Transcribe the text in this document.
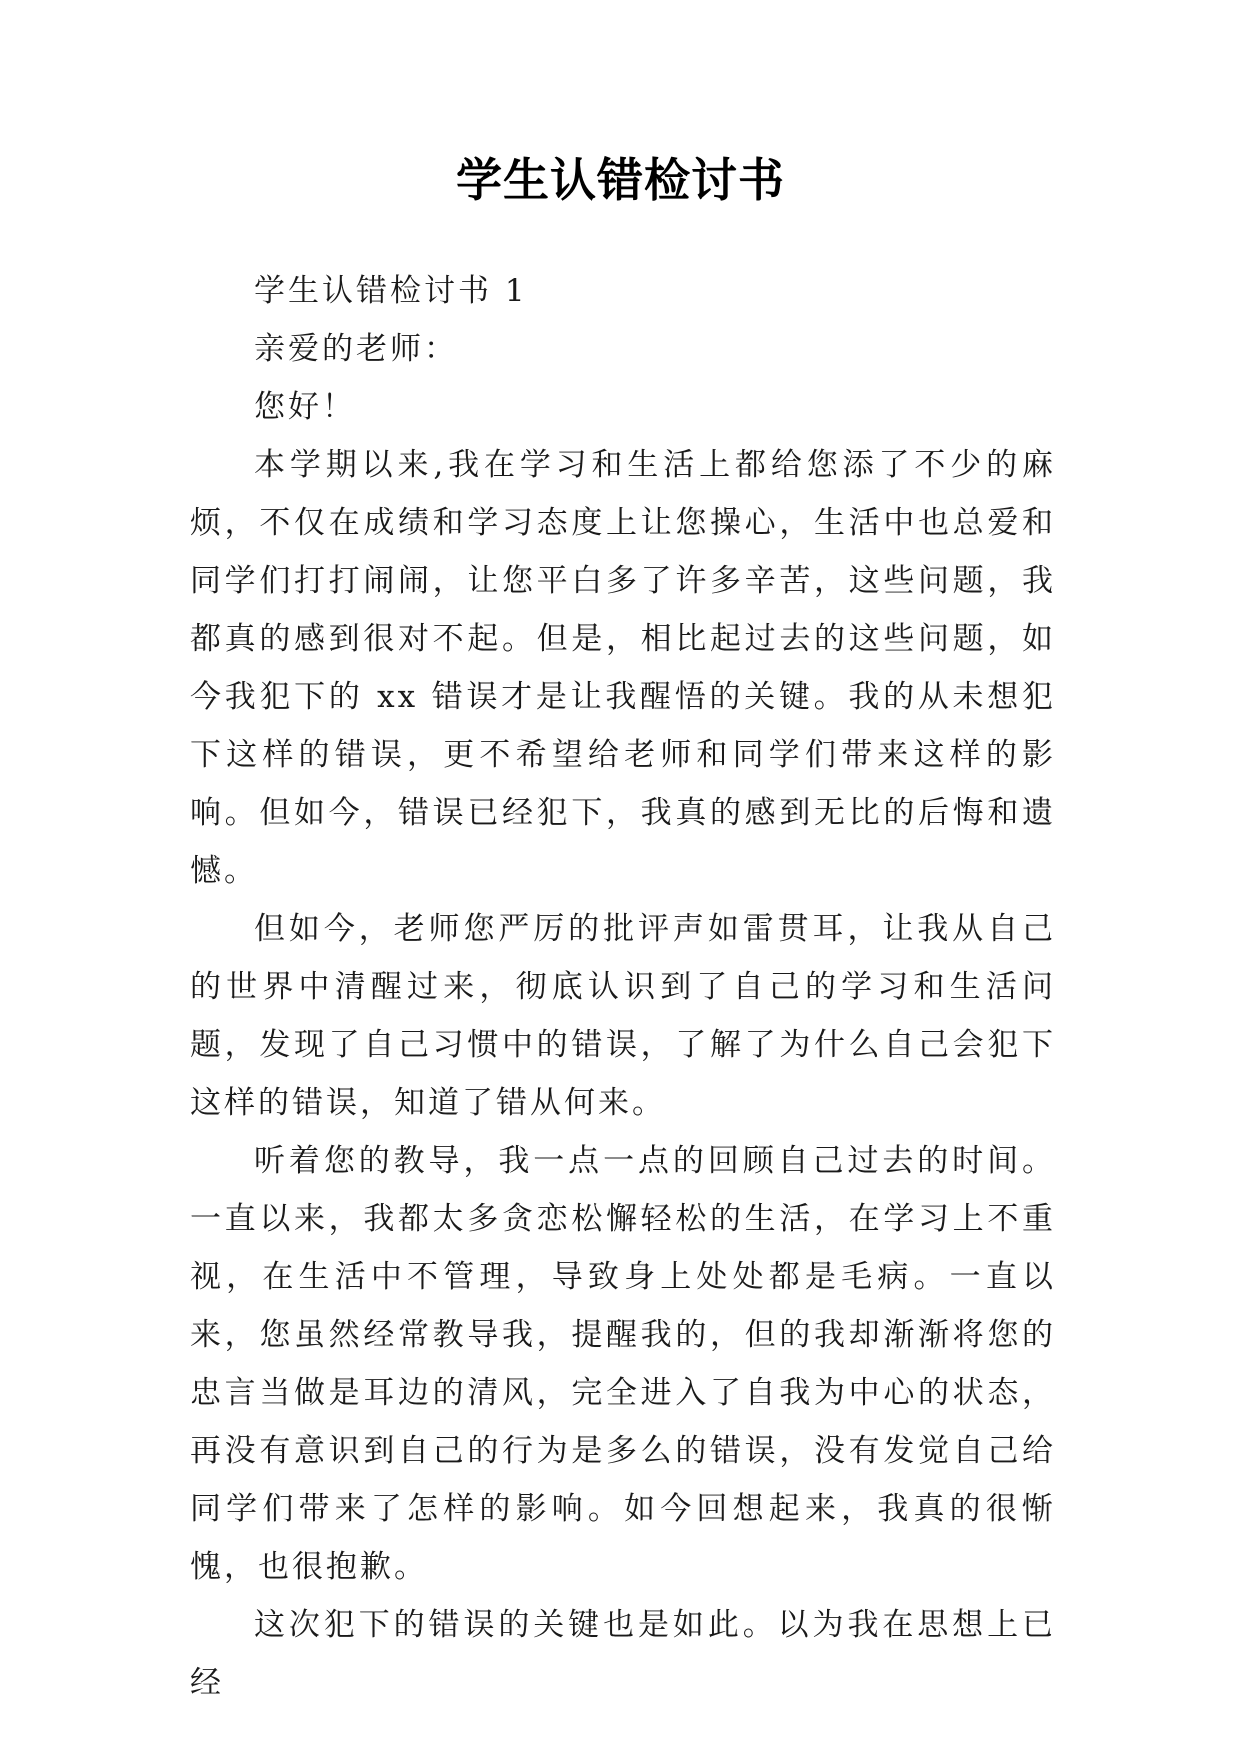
学生认错检讨书

学生认错检讨书 1

亲爱的老师：

您好！

本学期以来,我在学习和生活上都给您添了不少的麻烦，不仅在成绩和学习态度上让您操心，生活中也总爱和同学们打打闹闹，让您平白多了许多辛苦，这些问题，我都真的感到很对不起。但是，相比起过去的这些问题，如今我犯下的 xx 错误才是让我醒悟的关键。我的从未想犯下这样的错误，更不希望给老师和同学们带来这样的影响。但如今，错误已经犯下，我真的感到无比的后悔和遗憾。

但如今，老师您严厉的批评声如雷贯耳，让我从自己的世界中清醒过来，彻底认识到了自己的学习和生活问题，发现了自己习惯中的错误，了解了为什么自己会犯下这样的错误，知道了错从何来。

听着您的教导，我一点一点的回顾自己过去的时间。一直以来，我都太多贪恋松懈轻松的生活，在学习上不重视，在生活中不管理，导致身上处处都是毛病。一直以来，您虽然经常教导我，提醒我的，但的我却渐渐将您的忠言当做是耳边的清风，完全进入了自我为中心的状态，再没有意识到自己的行为是多么的错误，没有发觉自己给同学们带来了怎样的影响。如今回想起来，我真的很惭愧，也很抱歉。

这次犯下的错误的关键也是如此。以为我在思想上已经
